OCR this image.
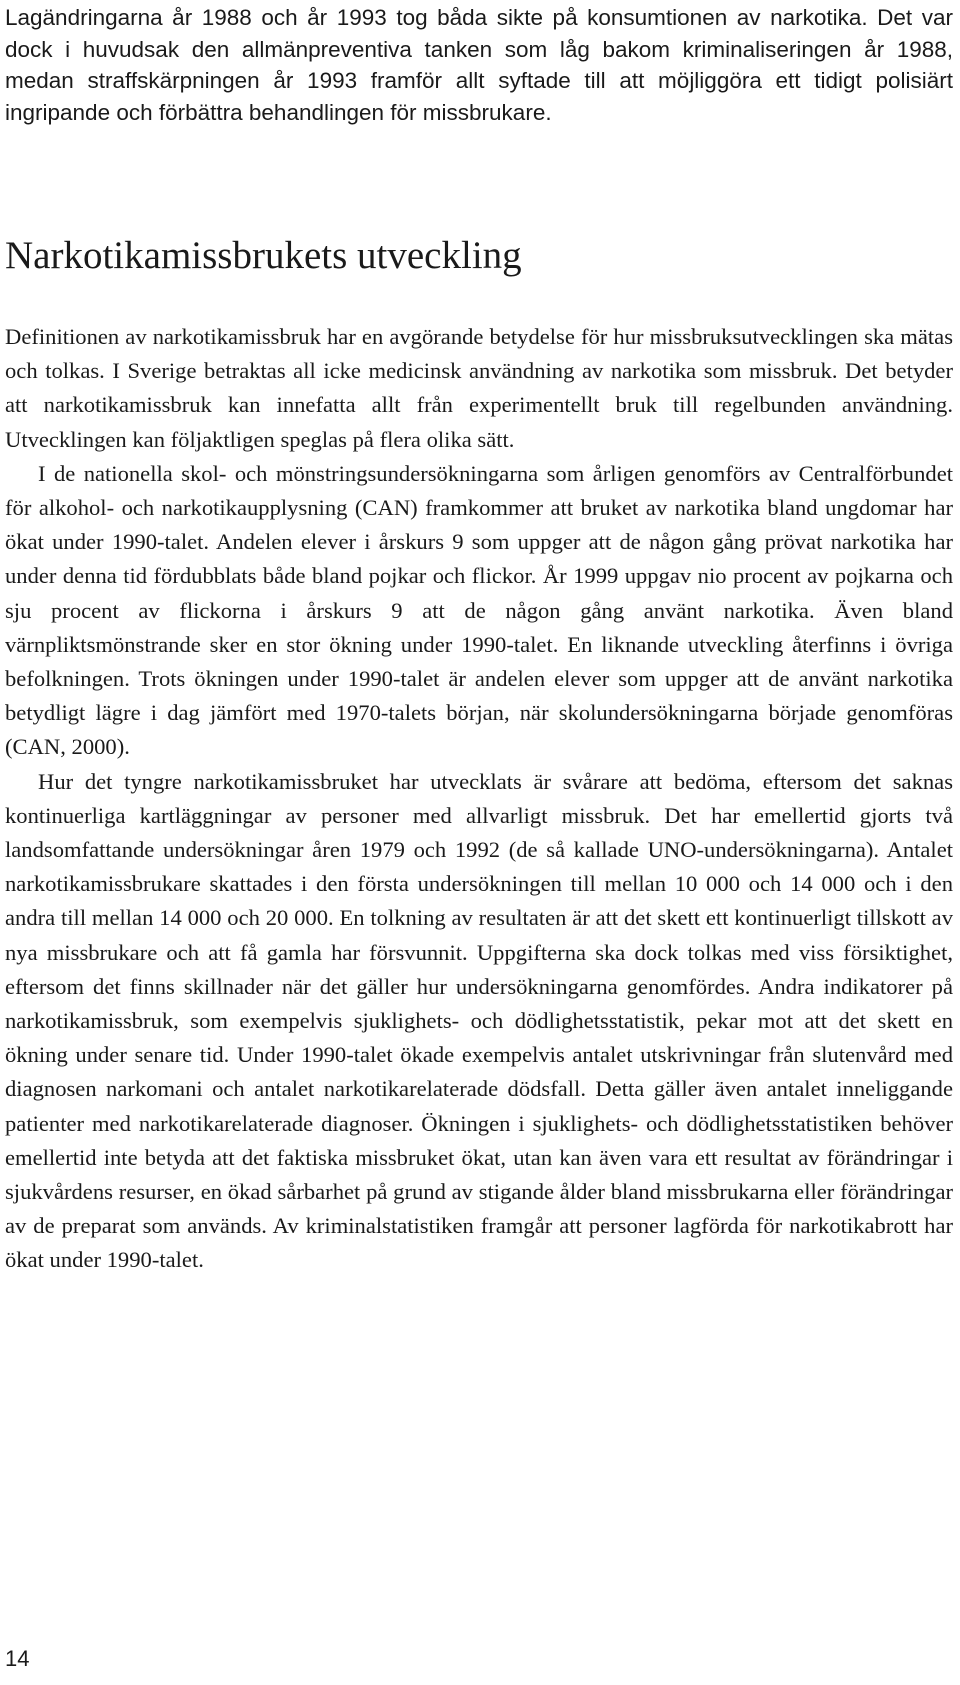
Lagändringarna år 1988 och år 1993 tog båda sikte på konsumtionen av narkotika. Det var dock i huvudsak den allmänpreventiva tanken som låg bakom kriminaliseringen år 1988, medan straffskärpningen år 1993 framför allt syftade till att möjliggöra ett tidigt polisiärt ingripande och förbättra behandlingen för missbrukare.

Narkotikamissbrukets utveckling

Definitionen av narkotikamissbruk har en avgörande betydelse för hur missbruksutvecklingen ska mätas och tolkas. I Sverige betraktas all icke medicinsk användning av narkotika som missbruk. Det betyder att narkotikamissbruk kan innefatta allt från experimentellt bruk till regelbunden användning. Utvecklingen kan följaktligen speglas på flera olika sätt.

I de nationella skol- och mönstringsundersökningarna som årligen genomförs av Centralförbundet för alkohol- och narkotikaupplysning (CAN) framkommer att bruket av narkotika bland ungdomar har ökat under 1990-talet. Andelen elever i årskurs 9 som uppger att de någon gång prövat narkotika har under denna tid fördubblats både bland pojkar och flickor. År 1999 uppgav nio procent av pojkarna och sju procent av flickorna i årskurs 9 att de någon gång använt narkotika. Även bland värnpliktsmönstrande sker en stor ökning under 1990-talet. En liknande utveckling återfinns i övriga befolkningen. Trots ökningen under 1990-talet är andelen elever som uppger att de använt narkotika betydligt lägre i dag jämfört med 1970-talets början, när skolundersökningarna började genomföras (CAN, 2000).

Hur det tyngre narkotikamissbruket har utvecklats är svårare att bedöma, eftersom det saknas kontinuerliga kartläggningar av personer med allvarligt missbruk. Det har emellertid gjorts två landsomfattande undersökningar åren 1979 och 1992 (de så kallade UNO-undersökningarna). Antalet narkotikamissbrukare skattades i den första undersökningen till mellan 10 000 och 14 000 och i den andra till mellan 14 000 och 20 000. En tolkning av resultaten är att det skett ett kontinuerligt tillskott av nya missbrukare och att få gamla har försvunnit. Uppgifterna ska dock tolkas med viss försiktighet, eftersom det finns skillnader när det gäller hur undersökningarna genomfördes. Andra indikatorer på narkotikamissbruk, som exempelvis sjuklighets- och dödlighetsstatistik, pekar mot att det skett en ökning under senare tid. Under 1990-talet ökade exempelvis antalet utskrivningar från slutenvård med diagnosen narkomani och antalet narkotikarelaterade dödsfall. Detta gäller även antalet inneliggande patienter med narkotikarelaterade diagnoser. Ökningen i sjuklighets- och dödlighetsstatistiken behöver emellertid inte betyda att det faktiska missbruket ökat, utan kan även vara ett resultat av förändringar i sjukvårdens resurser, en ökad sårbarhet på grund av stigande ålder bland missbrukarna eller förändringar av de preparat som används. Av kriminalstatistiken framgår att personer lagförda för narkotikabrott har ökat under 1990-talet.

14
